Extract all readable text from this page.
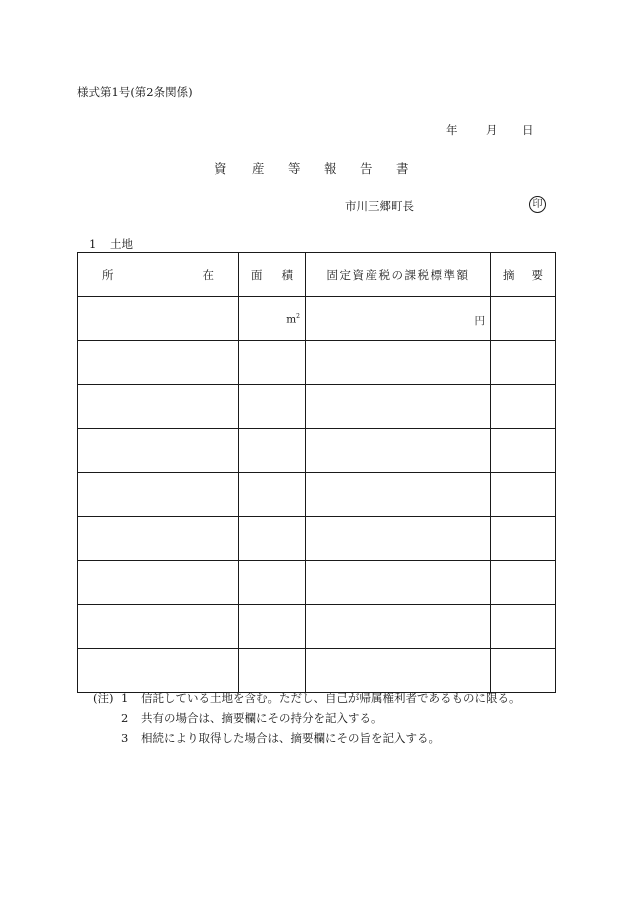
様式第1号(第2条関係)
年 月 日
資 産 等 報 告 書
市川三郷町長	印
1 土地
所 在	面 積	固定資産税の課税標準額	摘 要

	$m^2$	円	

(注) 1	信託している土地を含む。ただし、自己が帰属権利者であるものに限る。
2	共有の場合は、摘要欄にその持分を記入する。
3	相続により取得した場合は、摘要欄にその旨を記入する。
